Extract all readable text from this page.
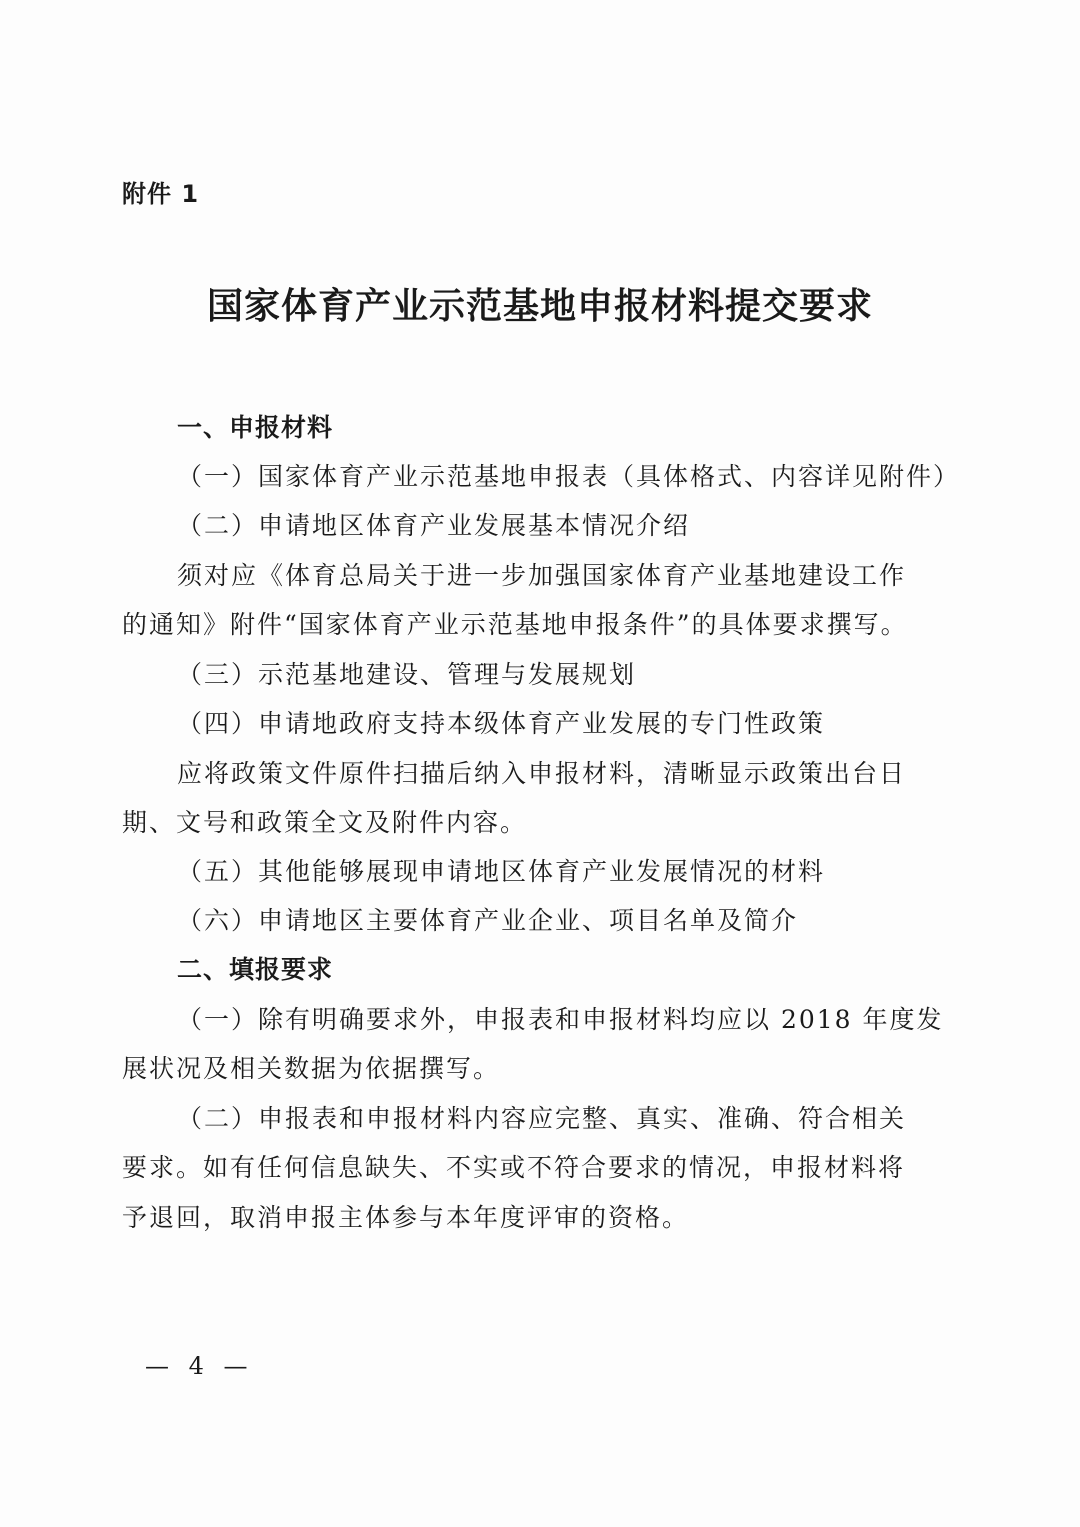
附件 1
国家体育产业示范基地申报材料提交要求
一、申报材料
（一）国家体育产业示范基地申报表（具体格式、内容详见附件）
（二）申请地区体育产业发展基本情况介绍
须对应《体育总局关于进一步加强国家体育产业基地建设工作
的通知》附件“国家体育产业示范基地申报条件”的具体要求撰写。
（三）示范基地建设、管理与发展规划
（四）申请地政府支持本级体育产业发展的专门性政策
应将政策文件原件扫描后纳入申报材料，清晰显示政策出台日
期、文号和政策全文及附件内容。
（五）其他能够展现申请地区体育产业发展情况的材料
（六）申请地区主要体育产业企业、项目名单及简介
二、填报要求
（一）除有明确要求外，申报表和申报材料均应以 2018 年度发
展状况及相关数据为依据撰写。
（二）申报表和申报材料内容应完整、真实、准确、符合相关
要求。如有任何信息缺失、不实或不符合要求的情况，申报材料将
予退回，取消申报主体参与本年度评审的资格。
— 4 —
